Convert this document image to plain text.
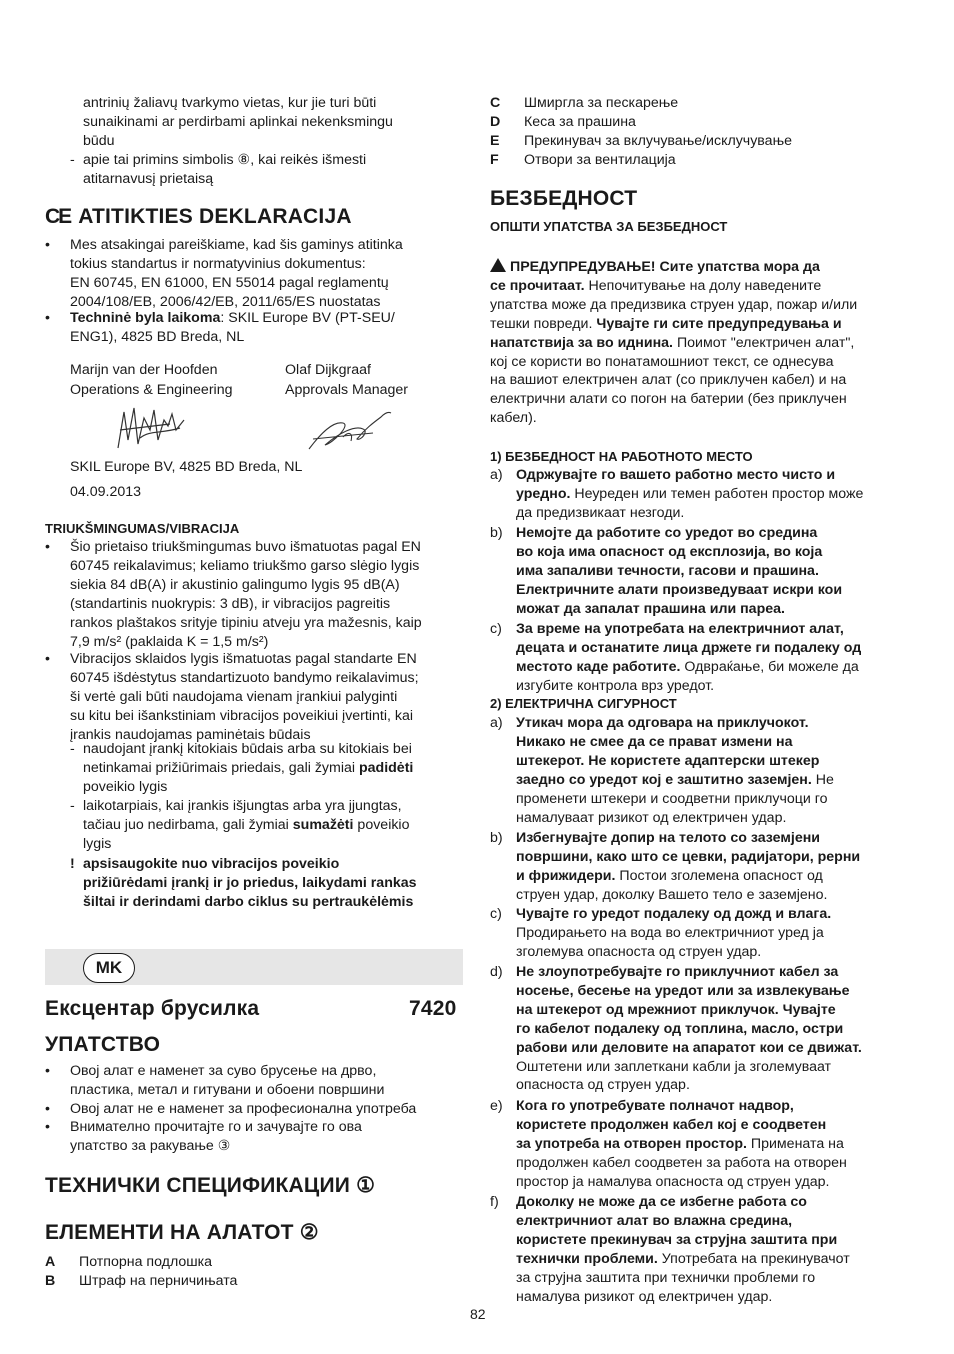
antrinių žaliavų tvarkymo vietas, kur jie turi būti
sunaikinami ar perdirbami aplinkai nekenksmingu
būdu
- apie tai primins simbolis ⑧, kai reikės išmesti
atitarnavusį prietaisą
CE ATITIKTIES DEKLARACIJA
• Mes atsakingai pareiškiame, kad šis gaminys atitinka
tokius standartus ir normatyvinius dokumentus:
EN 60745, EN 61000, EN 55014 pagal reglamentų
2004/108/EB, 2006/42/EB, 2011/65/ES nuostatas
• Techninė byla laikoma: SKIL Europe BV (PT-SEU/
ENG1), 4825 BD Breda, NL
Marijn van der Hoofden
Operations & Engineering
Olaf Dijkgraaf
Approvals Manager
SKIL Europe BV, 4825 BD Breda, NL
04.09.2013
TRIUKŠMINGUMAS/VIBRACIJA
• Šio prietaiso triukšmingumas buvo išmatuotas pagal EN
60745 reikalavimus; keliamo triukšmo garso slėgio lygis
siekia 84 dB(A) ir akustinio galingumo lygis 95 dB(A)
(standartinis nuokrypis: 3 dB), ir vibracijos pagreitis
rankos plaštakos srityje tipiniu atveju yra mažesnis, kaip
7,9 m/s² (paklaida K = 1,5 m/s²)
• Vibracijos sklaidos lygis išmatuotas pagal standarte EN
60745 išdėstytus standartizuoto bandymo reikalavimus;
ši vertė gali būti naudojama vienam įrankiui palyginti
su kitu bei išankstiniam vibracijos poveikiui įvertinti, kai
įrankis naudojamas paminėtais būdais
- naudojant įrankį kitokiais būdais arba su kitokiais bei
netinkamai prižiūrimais priedais, gali žymiai padidėti
poveikio lygis
- laikotarpiais, kai įrankis išjungtas arba yra įjungtas,
tačiau juo nedirbama, gali žymiai sumažėti poveikio
lygis
! apsisaugokite nuo vibracijos poveikio
prižiūrėdami įrankį ir jo priedus, laikydami rankas
šiltai ir derindami darbo ciklus su pertraukėlėmis
MK
Ексцентар брусилка	7420
УПАТСТВО
• Овој алат е наменет за суво брусење на дрво,
пластика, метал и гитувани и обоени површини
• Овој алат не е наменет за професионална употреба
• Внимателно прочитајте го и зачувајте го ова
упатство за ракување ③
ТЕХНИЧКИ СПЕЦИФИКАЦИИ ①
ЕЛЕМЕНТИ НА АЛАТОТ ②
A Потпорна подлошка
B Штраф на перничињата
C Шмиргла за пескарење
D Кеса за прашина
E Прекинувач за вклучување/исклучување
F Отвори за вентилација
БЕЗБЕДНОСТ
ОПШТИ УПАТСТВА ЗА БЕЗБЕДНОСТ
ПРЕДУПРЕДУВАЊЕ! Сите упатства мора да
се прочитаат. Непочитување на долу наведените
упатства може да предизвика струен удар, пожар и/или
тешки повреди. Чувајте ги сите предупредувања и
напатствија за во иднина. Поимот "електричен алат",
кој се користи во понатамошниот текст, се однесува
на вашиот електричен алат (со приклучен кабел) и на
електрични алати со погон на батерии (без приклучен
кабел).
1) БЕЗБЕДНОСТ НА РАБОТНОТО МЕСТО
a) Одржувајте го вашето работно место чисто и
уредно. Неуреден или темен работен простор може
да предизвикаат незгоди.
b) Немојте да работите со уредот во средина
во која има опасност од експлозија, во која
има запаливи течности, гасови и прашина.
Електричните алати произведуваат искри кои
можат да запалат прашина или пареа.
c) За време на употребата на електричниот алат,
децата и останатите лица држете ги подалеку од
местото каде работите. Одвраќање, би можеле да
изгубите контрола врз уредот.
2) ЕЛЕКТРИЧНА СИГУРНОСТ
a) Утикач мора да одговара на приклучокот.
Никако не смее да се прават измени на
штекерот. Не користете адаптерски штекер
заедно со уредот кој е заштитно заземјен. Не
променети штекери и соодветни приклучоци го
намалуваат ризикот од електричен удар.
b) Избегнувајте допир на телото со заземјени
површини, како што се цевки, радијатори, рерни
и фрижидери. Постои зголемена опасност од
струен удар, доколку Вашето тело е заземјено.
c) Чувајте го уредот подалеку од дожд и влага.
Продирањето на вода во електричниот уред ја
зголемува опасноста од струен удар.
d) Не злоупотребувајте го приклучниот кабел за
носење, бесење на уредот или за извлекување
на штекерот од мрежниот приклучок. Чувајте
го кабелот подалеку од топлина, масло, остри
рабови или деловите на апаратот кои се движат.
Оштетени или заплеткани кабли ја зголемуваат
опасноста од струен удар.
e) Кога го употребувате полначот надвор,
користете продолжен кабел кој е соодветен
за употреба на отворен простор. Примената на
продолжен кабел соодветен за работа на отворен
простор ја намалува опасноста од струен удар.
f) Доколку не може да се избегне работа со
електричниот алат во влажна средина,
користете прекинувач за струјна заштита при
технички проблеми. Употребата на прекинувачот
за струјна заштита при технички проблеми го
намалува ризикот од електричен удар.
82
